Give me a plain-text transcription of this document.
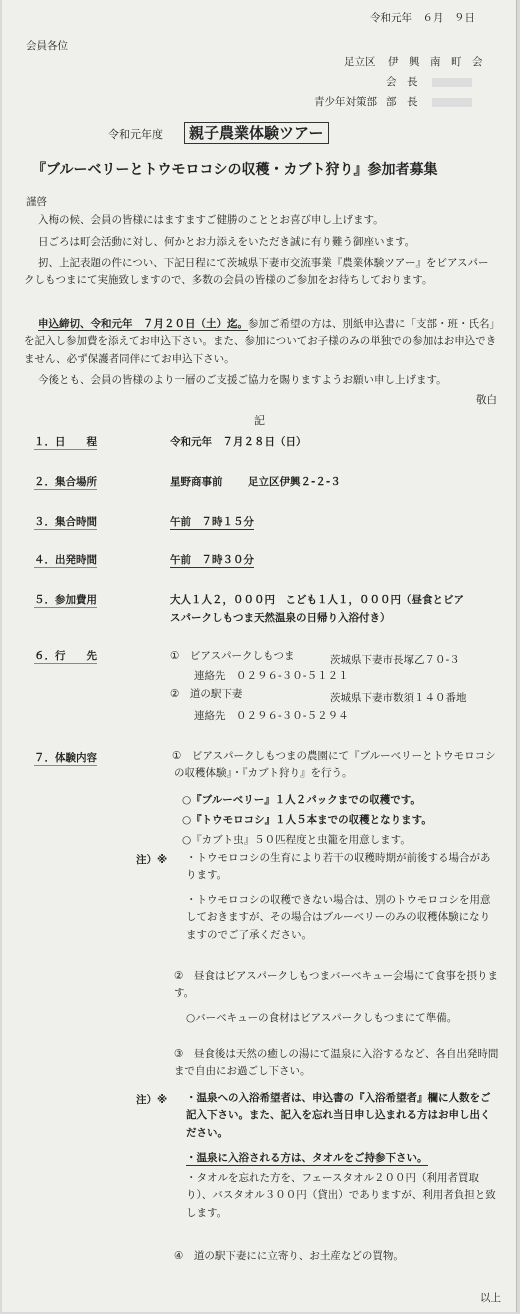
令和元年　６月　９日
会員各位
足立区 伊　興　南　町　会
会　長
青少年対策部 部　長
令和元年度	親子農業体験ツアー
『ブルーベリーとトウモロコシの収穫・カブト狩り』参加者募集
謹啓

入梅の候、会員の皆様にはますますご健勝のこととお喜び申し上げます。

日ごろは町会活動に対し、何かとお力添えをいただき誠に有り難う御座います。

扨、上記表題の件につい、下記日程にて茨城県下妻市交流事業『農業体験ツアー』をビアスパークしもつまにて実施致しますので、多数の会員の皆様のご参加をお待ちしております。

申込締切、令和元年　７月２０日（土）迄。参加ご希望の方は、別紙申込書に「支部・班・氏名」を記入し参加費を添えてお申込下さい。また、参加についてお子様のみの単独での参加はお申込できません、必ず保護者同伴にてお申込下さい。

今後とも、会員の皆様のより一層のご支援ご協力を賜りますようお願い申し上げます。

敬白
記
１．日　　程	令和元年　７月２８日（日）
２．集合場所	星野商事前 足立区伊興２-２-３
３．集合時間	午前　７時１５分
４．出発時間	午前　７時３０分
５．参加費用	大人１人２，０００円　こども１人１，０００円（昼食とビア
スパークしもつま天然温泉の日帰り入浴付き）
６．行　　先	①　ビアスパークしもつま	茨城県下妻市長塚乙７０-３
連絡先　０２９６-３０-５１２１
②　道の駅下妻	茨城県下妻市数須１４０番地
連絡先　０２９６-３０-５２９４
７．体験内容	①　ビアスパークしもつまの農園にて『ブルーベリーとトウモロコシの収穫体験』・『カブト狩り』を行う。

○『ブルーベリー』１人２パックまでの収穫です。
○『トウモロコシ』１人５本までの収穫となります。
○『カブト虫』５０匹程度と虫籠を用意します。
注）※ ・トウモロコシの生育により若干の収穫時期が前後する場合があります。

・トウモロコシの収穫できない場合は、別のトウモロコシを用意しておきますが、その場合はブルーベリーのみの収穫体験になりますのでご了承ください。

②　昼食はビアスパークしもつまバーベキュー会場にて食事を摂ります。

○バーベキューの食材はビアスパークしもつまにて準備。

③　昼食後は天然の癒しの湯にて温泉に入浴するなど、各自出発時間まで自由にお過ごし下さい。

注）※ ・温泉への入浴希望者は、申込書の『入浴希望者』欄に人数をご記入下さい。また、記入を忘れ当日申し込まれる方はお申し出ください。

・温泉に入浴される方は、タオルをご持参下さい。

・タオルを忘れた方を、フェースタオル２００円（利用者買取り）、バスタオル３００円（貸出）でありますが、利用者負担と致します。

④　道の駅下妻にに立寄り、お土産などの買物。
以上
